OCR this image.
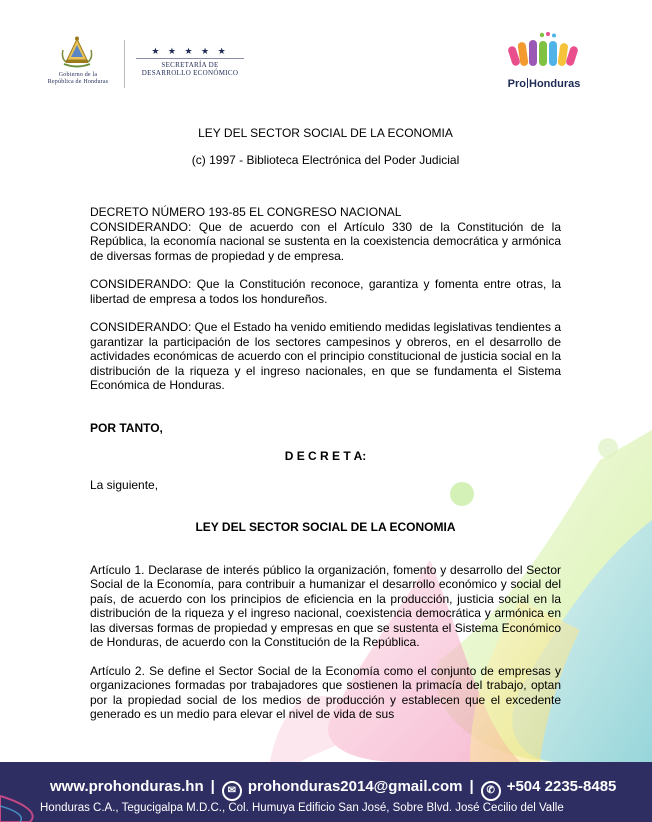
Gobierno de la
República de Honduras
★ ★ ★ ★ ★
SECRETARÍA DE
DESARROLLO ECONÓMICO
Pro Honduras

LEY DEL SECTOR SOCIAL DE LA ECONOMIA

(c) 1997 - Biblioteca Electrónica del Poder Judicial

DECRETO NÚMERO 193-85 EL CONGRESO NACIONAL

CONSIDERANDO: Que de acuerdo con el Artículo 330 de la Constitución de la República, la economía nacional se sustenta en la coexistencia democrática y armónica de diversas formas de propiedad y de empresa.

CONSIDERANDO: Que la Constitución reconoce, garantiza y fomenta entre otras, la libertad de empresa a todos los hondureños.

CONSIDERANDO: Que el Estado ha venido emitiendo medidas legislativas tendientes a garantizar la participación de los sectores campesinos y obreros, en el desarrollo de actividades económicas de acuerdo con el principio constitucional de justicia social en la distribución de la riqueza y el ingreso nacionales, en que se fundamenta el Sistema Económica de Honduras.

POR TANTO,

D E C R E T A:

La siguiente,

LEY DEL SECTOR SOCIAL DE LA ECONOMIA

Artículo 1. Declarase de interés público la organización, fomento y desarrollo del Sector Social de la Economía, para contribuir a humanizar el desarrollo económico y social del país, de acuerdo con los principios de eficiencia en la producción, justicia social en la distribución de la riqueza y el ingreso nacional, coexistencia democrática y armónica en las diversas formas de propiedad y empresas en que se sustenta el Sistema Económico de Honduras, de acuerdo con la Constitución de la República.

Artículo 2. Se define el Sector Social de la Economía como el conjunto de empresas y organizaciones formadas por trabajadores que sostienen la primacía del trabajo, optan por la propiedad social de los medios de producción y establecen que el excedente generado es un medio para elevar el nivel de vida de sus

www.prohonduras.hn | ✉ prohonduras2014@gmail.com | ✆ +504 2235-8485
Honduras C.A., Tegucigalpa M.D.C., Col. Humuya Edificio San José, Sobre Blvd. José Cecilio del Valle
